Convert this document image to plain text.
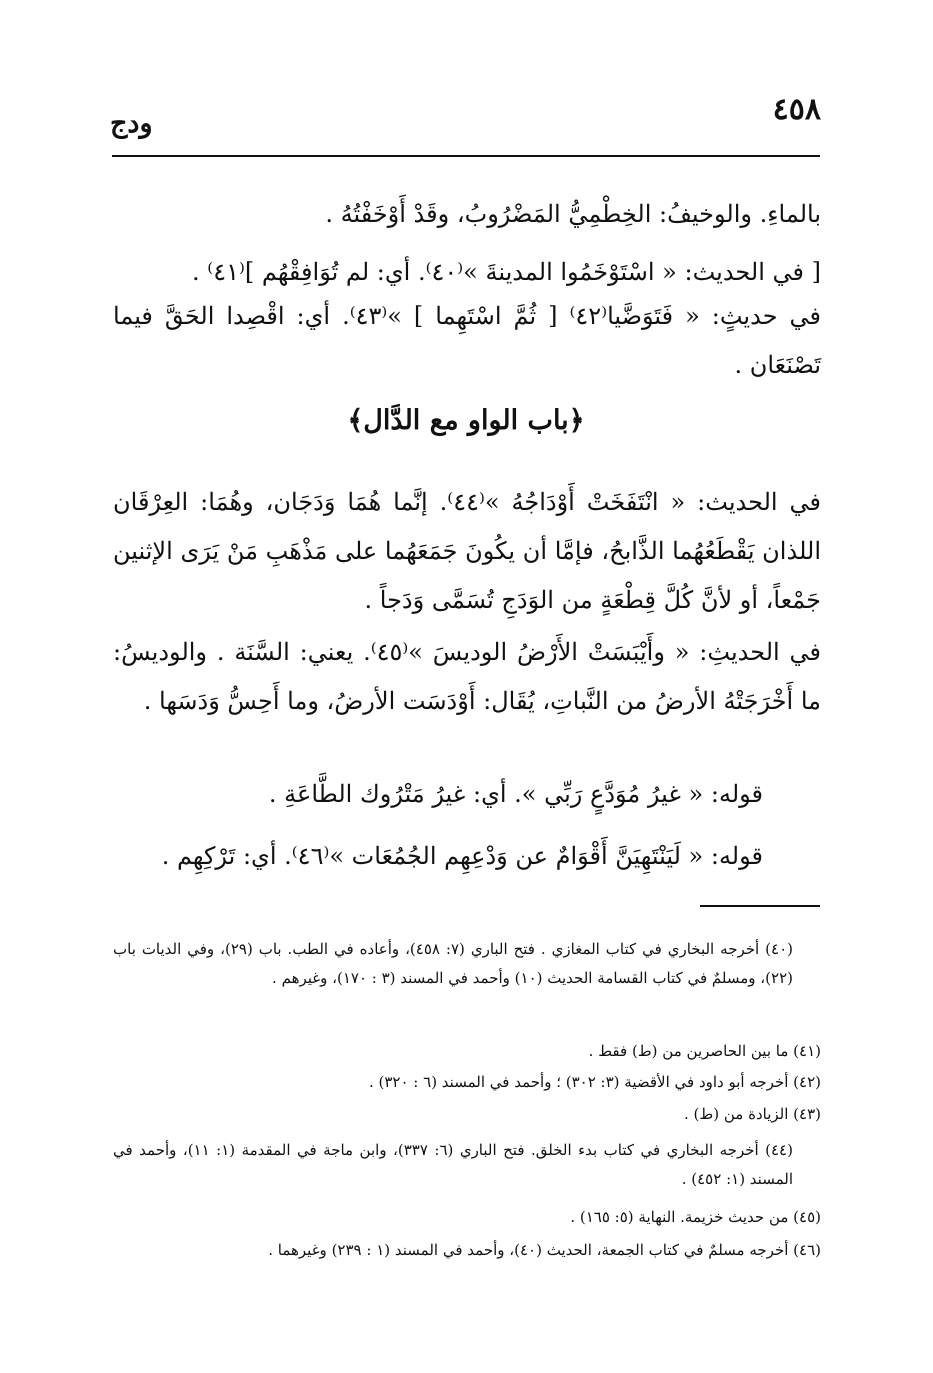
٤٥٨
ودج
بالماءِ. والوخيفُ: الخِطْمِيُّ المَضْرُوبُ، وقَدْ أَوْخَفْتُهُ .
[ في الحديث: « اسْتَوْخَمُوا المدينةَ »⁽٤٠⁾. أي: لم تُوَافِقْهُم ]⁽٤١⁾ .
في حديثٍ: « فَتَوَضَّيا⁽٤٢⁾ [ ثُمَّ اسْتَهِما ] »⁽٤٣⁾. أي: اقْصِدا الحَقَّ فيما تَصْنَعَان .
﴿باب الواو مع الدَّال﴾
في الحديث: « انْتَفَخَتْ أَوْدَاجُهُ »⁽٤٤⁾. إنَّما هُمَا وَدَجَان، وهُمَا: العِرْقَان اللذان يَقْطَعُهُما الذَّابحُ، فإمَّا أن يكُونَ جَمَعَهُما على مَذْهَبِ مَنْ يَرَى الإثنين جَمْعاً، أو لأنَّ كُلَّ قِطْعَةٍ من الوَدَجِ تُسَمَّى وَدَجاً .
في الحديثِ: « وأَيْبَسَتْ الأَرْضُ الوديسَ »⁽٤٥⁾. يعني: السَّنَة . والوديسُ: ما أَخْرَجَتْهُ الأرضُ من النَّباتِ، يُقَال: أَوْدَسَت الأرضُ، وما أَحِسُّ وَدَسَها .
قوله: « غيرُ مُوَدَّعٍ رَبِّي ». أي: غيرُ مَتْرُوك الطَّاعَةِ .
قوله: « لَيَنْتَهِيَنَّ أَقْوَامٌ عن وَدْعِهِم الجُمُعَات »⁽٤٦⁾. أي: تَرْكِهِم .
(٤٠) أخرجه البخاري في كتاب المغازي . فتح الباري (٧: ٤٥٨)، وأعاده في الطب. باب (٢٩)، وفي الديات باب (٢٢)، ومسلمٌ في كتاب القسامة الحديث (١٠) وأحمد في المسند (٣ : ١٧٠)، وغيرهم .
(٤١) ما بين الحاصرين من (ط) فقط .
(٤٢) أخرجه أبو داود في الأقضية (٣: ٣٠٢) ؛ وأحمد في المسند (٦ : ٣٢٠) .
(٤٣) الزيادة من (ط) .
(٤٤) أخرجه البخاري في كتاب بدء الخلق. فتح الباري (٦: ٣٣٧)، وابن ماجة في المقدمة (١: ١١)، وأحمد في المسند (١: ٤٥٢) .
(٤٥) من حديث خزيمة. النهاية (٥: ١٦٥) .
(٤٦) أخرجه مسلمٌ في كتاب الجمعة، الحديث (٤٠)، وأحمد في المسند (١ : ٢٣٩) وغيرهما .
